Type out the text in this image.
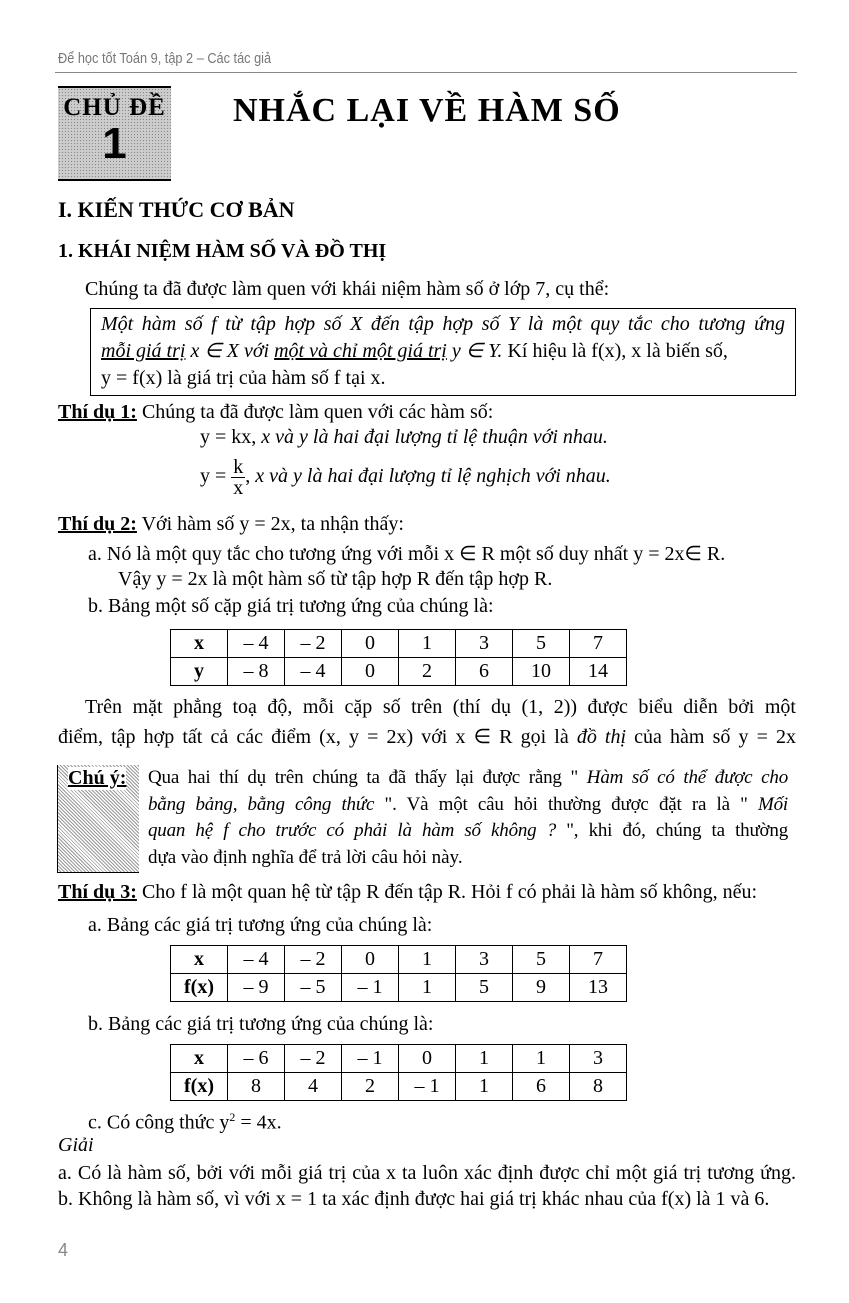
Để học tốt Toán 9, tập 2 – Các tác giả
CHỦ ĐỀ
1
NHẮC LẠI VỀ HÀM SỐ
I. KIẾN THỨC CƠ BẢN
1. KHÁI NIỆM HÀM SỐ VÀ ĐỒ THỊ
Chúng ta đã được làm quen với khái niệm hàm số ở lớp 7, cụ thể:
Một hàm số f từ tập hợp số X đến tập hợp số Y là một quy tắc cho tương ứng
mỗi giá trị x ∈ X với một và chỉ một giá trị y ∈ Y. Kí hiệu là f(x), x là biến số,
y = f(x) là giá trị của hàm số f tại x.
Thí dụ 1: Chúng ta đã được làm quen với các hàm số:
y = kx, x và y là hai đại lượng tỉ lệ thuận với nhau.
$y = \frac{k}{x}$ , x và y là hai đại lượng tỉ lệ nghịch với nhau.
Thí dụ 2: Với hàm số y = 2x, ta nhận thấy:
a. Nó là một quy tắc cho tương ứng với mỗi x ∈ R một số duy nhất y = 2x∈ R.
Vậy y = 2x là một hàm số từ tập hợp R đến tập hợp R.
b. Bảng một số cặp giá trị tương ứng của chúng là:
x	– 4	– 2	0	1	3	5	7
y	– 8	– 4	0	2	6	10	14
Trên mặt phẳng toạ độ, mỗi cặp số trên (thí dụ (1, 2)) được biểu diễn bởi một
điểm, tập hợp tất cả các điểm (x, y = 2x) với x ∈ R gọi là đồ thị của hàm số y = 2x
Chú ý:	Qua hai thí dụ trên chúng ta đã thấy lại được rằng " Hàm số có thể được cho
bằng bảng, bằng công thức ". Và một câu hỏi thường được đặt ra là " Mối
quan hệ f cho trước có phải là hàm số không ? ", khi đó, chúng ta thường
dựa vào định nghĩa để trả lời câu hỏi này.
Thí dụ 3: Cho f là một quan hệ từ tập R đến tập R. Hỏi f có phải là hàm số không, nếu:
a. Bảng các giá trị tương ứng của chúng là:
x	– 4	– 2	0	1	3	5	7
f(x)	– 9	– 5	– 1	1	5	9	13
b. Bảng các giá trị tương ứng của chúng là:
x	– 6	– 2	– 1	0	1	1	3
f(x)	8	4	2	– 1	1	6	8
c. Có công thức $y^2 = 4x$.
Giải
a. Có là hàm số, bởi với mỗi giá trị của x ta luôn xác định được chỉ một giá trị tương ứng.
b. Không là hàm số, vì với x = 1 ta xác định được hai giá trị khác nhau của f(x) là 1 và 6.
4
